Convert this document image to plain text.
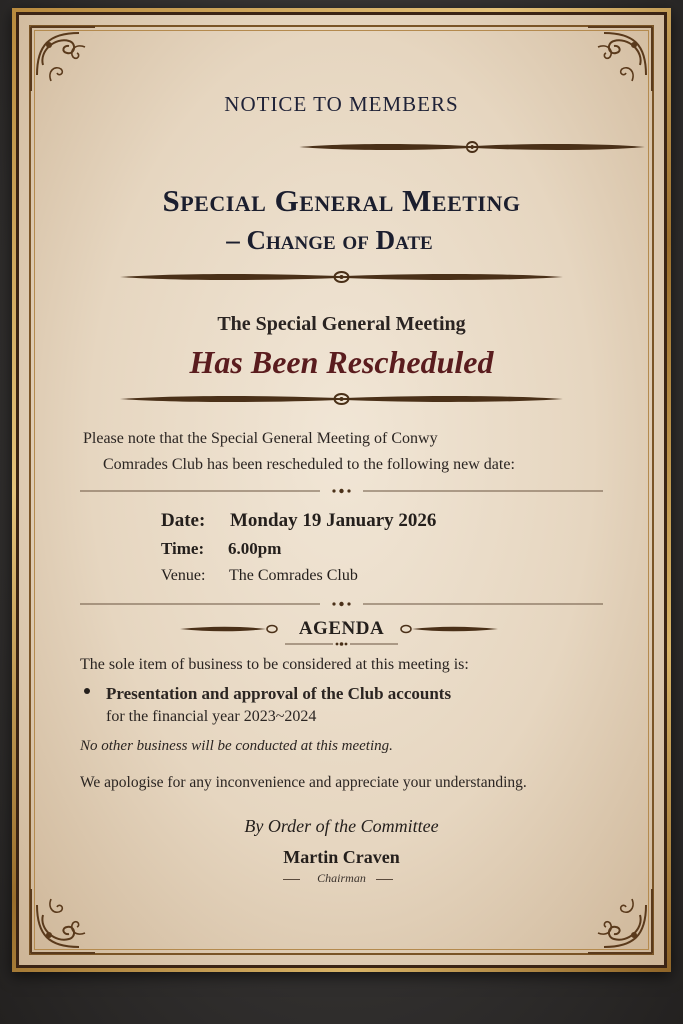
NOTICE TO MEMBERS
Special General Meeting
– Change of Date
The Special General Meeting
Has Been Rescheduled
Please note that the Special General Meeting of Conwy
Comrades Club has been rescheduled to the following new date:
Date: Monday 19 January 2026
Time: 6.00pm
Venue: The Comrades Club
AGENDA
The sole item of business to be considered at this meeting is:
Presentation and approval of the Club accounts
for the financial year 2023~2024
No other business will be conducted at this meeting.
We apologise for any inconvenience and appreciate your understanding.
By Order of the Committee
Martin Craven
Chairman
